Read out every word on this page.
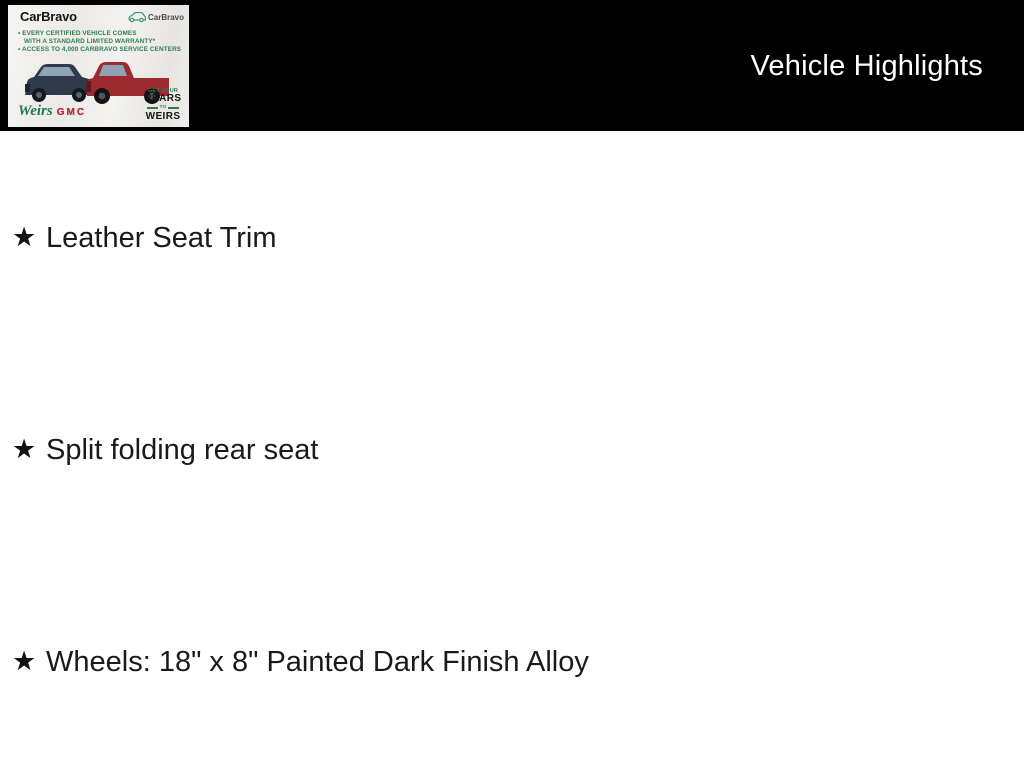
CarBravo	CarBravo
• EVERY CERTIFIED VEHICLE COMES
WITH A STANDARD LIMITED WARRANTY*
• ACCESS TO 4,000 CARBRAVO SERVICE CENTERS
Weirs GMC
GET YOUR
REARS
TO
WEIRS
Vehicle Highlights
★ Leather Seat Trim
★ Split folding rear seat
★ Wheels: 18" x 8" Painted Dark Finish Alloy
